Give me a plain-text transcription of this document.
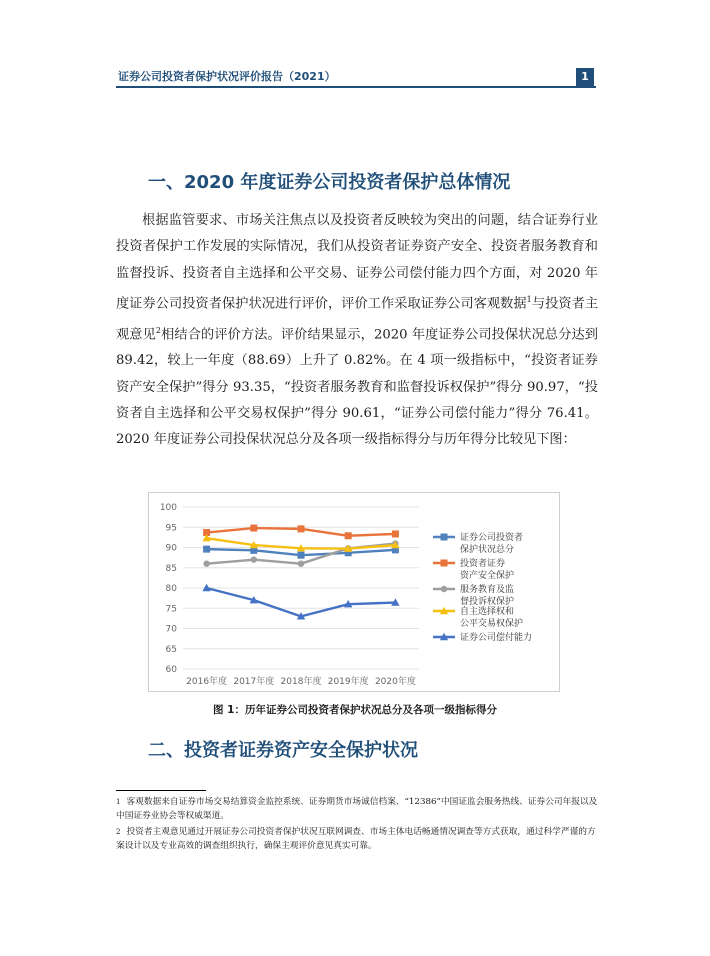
证券公司投资者保护状况评价报告（2021）	1
一、2020 年度证券公司投资者保护总体情况

根据监管要求、市场关注焦点以及投资者反映较为突出的问题，结合证券行业投资者保护工作发展的实际情况，我们从投资者证券资产安全、投资者服务教育和监督投诉、投资者自主选择和公平交易、证券公司偿付能力四个方面，对 2020 年度证券公司投资者保护状况进行评价，评价工作采取证券公司客观数据$^1$与投资者主观意见$^2$相结合的评价方法。评价结果显示，2020 年度证券公司投保状况总分达到 89.42，较上一年度（88.69）上升了 0.82%。在 4 项一级指标中，“投资者证券资产安全保护”得分 93.35，“投资者服务教育和监督投诉权保护”得分 90.97，“投资者自主选择和公平交易权保护”得分 90.61，“证券公司偿付能力”得分 76.41。2020 年度证券公司投保状况总分及各项一级指标得分与历年得分比较见下图：

60
65
70
75
80
85
90
95
100
2016年度 2017年度 2018年度 2019年度 2020年度
证券公司投资者
保护状况总分
投资者证券
资产安全保护
服务教育及监
督投诉权保护
自主选择权和
公平交易权保护
证券公司偿付能力
图 1：历年证券公司投资者保护状况总分及各项一级指标得分
二、投资者证券资产安全保护状况

$^1$ 客观数据来自证券市场交易结算资金监控系统、证券期货市场诚信档案、“12386”中国证监会服务热线、证券公司年报以及中国证券业协会等权威渠道。

$^2$ 投资者主观意见通过开展证券公司投资者保护状况互联网调查、市场主体电话畅通情况调查等方式获取，通过科学严谨的方案设计以及专业高效的调查组织执行，确保主观评价意见真实可靠。
